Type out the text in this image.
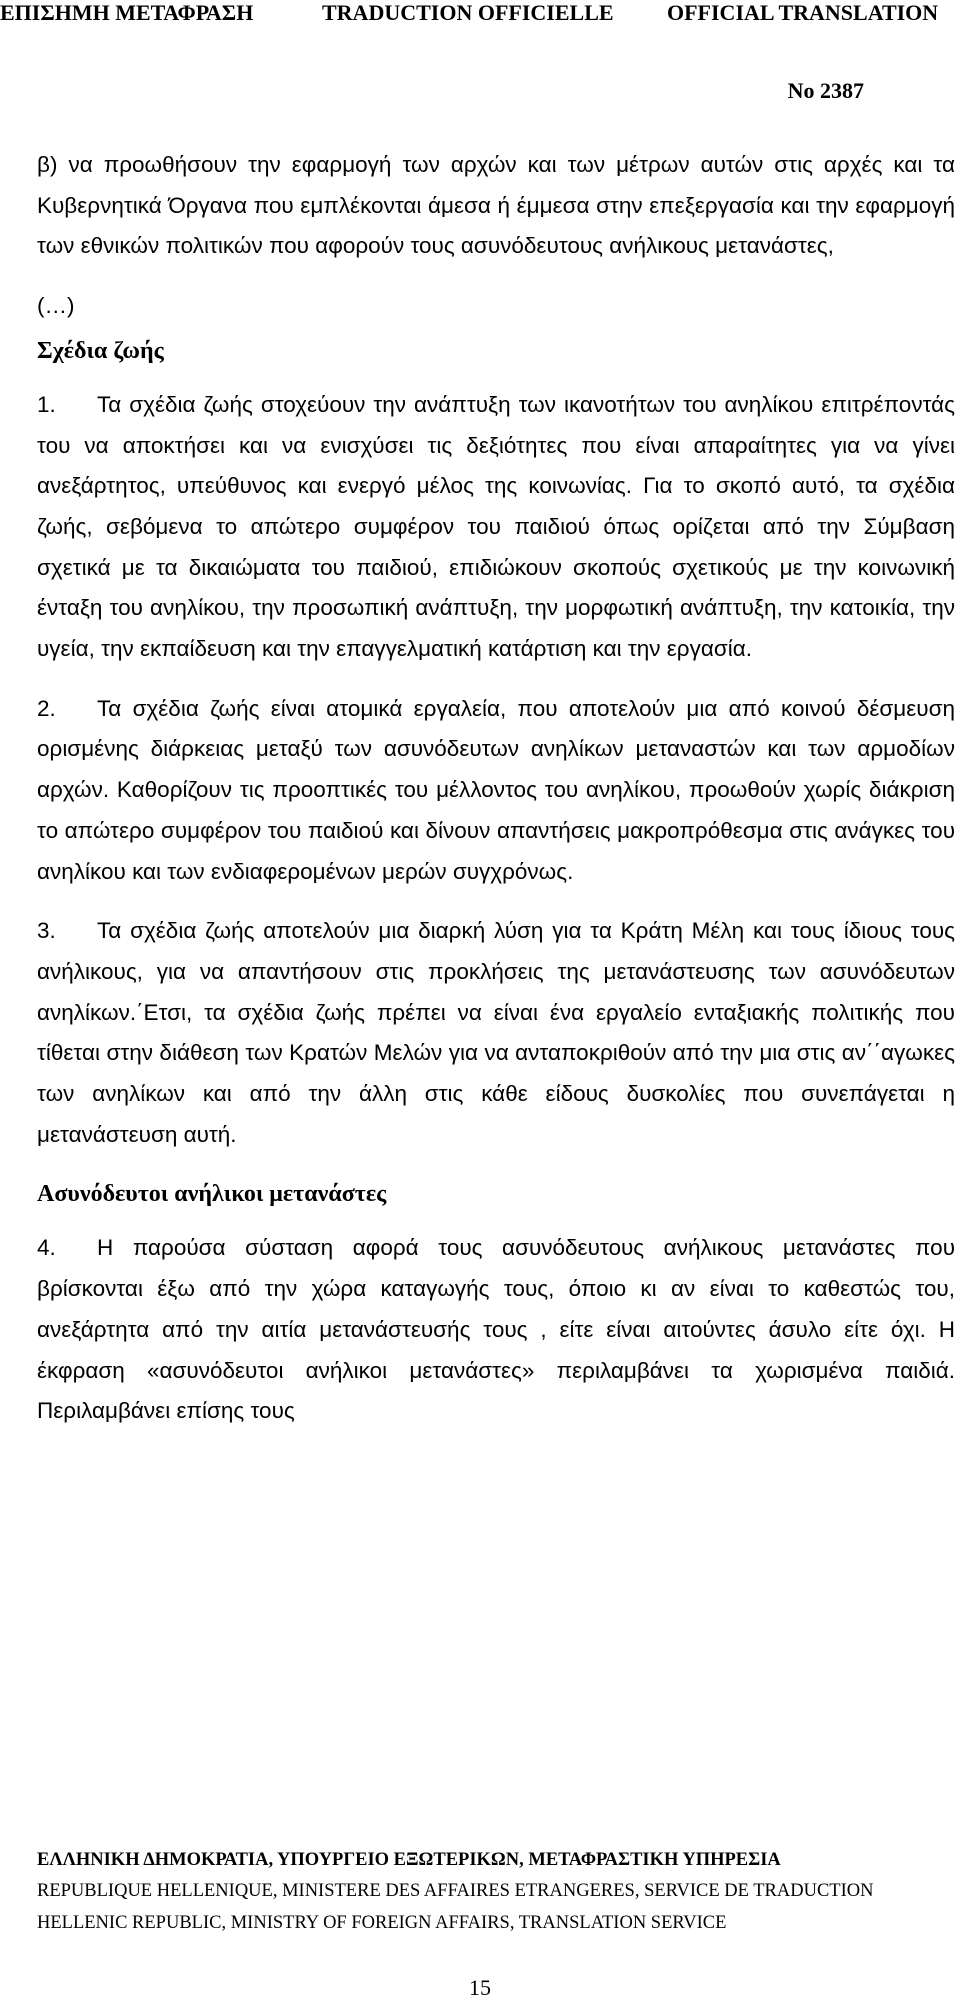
ΕΠΙΣΗΜΗ ΜΕΤΑΦΡΑΣΗ	TRADUCTION OFFICIELLE OFFICIAL TRANSLATION
No 2387

β) να προωθήσουν την εφαρμογή των αρχών και των μέτρων αυτών στις αρχές και τα Κυβερνητικά Όργανα που εμπλέκονται άμεσα ή έμμεσα στην επεξεργασία και την εφαρμογή των εθνικών πολιτικών που αφορούν τους ασυνόδευτους ανήλικους μετανάστες,

(…)

Σχέδια ζωής

1. Τα σχέδια ζωής στοχεύουν την ανάπτυξη των ικανοτήτων του ανηλίκου επιτρέποντάς του να αποκτήσει και να ενισχύσει τις δεξιότητες που είναι απαραίτητες για να γίνει ανεξάρτητος, υπεύθυνος και ενεργό μέλος της κοινωνίας. Για το σκοπό αυτό, τα σχέδια ζωής, σεβόμενα το απώτερο συμφέρον του παιδιού όπως ορίζεται από την Σύμβαση σχετικά με τα δικαιώματα του παιδιού, επιδιώκουν σκοπούς σχετικούς με την κοινωνική ένταξη του ανηλίκου, την προσωπική ανάπτυξη, την μορφωτική ανάπτυξη, την κατοικία, την υγεία, την εκπαίδευση και την επαγγελματική κατάρτιση και την εργασία.

2. Τα σχέδια ζωής είναι ατομικά εργαλεία, που αποτελούν μια από κοινού δέσμευση ορισμένης διάρκειας μεταξύ των ασυνόδευτων ανηλίκων μεταναστών και των αρμοδίων αρχών. Καθορίζουν τις προοπτικές του μέλλοντος του ανηλίκου, προωθούν χωρίς διάκριση το απώτερο συμφέρον του παιδιού και δίνουν απαντήσεις μακροπρόθεσμα στις ανάγκες του ανηλίκου και των ενδιαφερομένων μερών συγχρόνως.

3. Τα σχέδια ζωής αποτελούν μια διαρκή λύση για τα Κράτη Μέλη και τους ίδιους τους ανήλικους, για να απαντήσουν στις προκλήσεις της μετανάστευσης των ασυνόδευτων ανηλίκων.΄Ετσι, τα σχέδια ζωής πρέπει να είναι ένα εργαλείο ενταξιακής πολιτικής που τίθεται στην διάθεση των Κρατών Μελών για να ανταποκριθούν από την μια στις αν΄΄αγωκες των ανηλίκων και από την άλλη στις κάθε είδους δυσκολίες που συνεπάγεται η μετανάστευση αυτή.

Ασυνόδευτοι ανήλικοι μετανάστες

4. Η παρούσα σύσταση αφορά τους ασυνόδευτους ανήλικους μετανάστες που βρίσκονται έξω από την χώρα καταγωγής τους, όποιο κι αν είναι το καθεστώς του, ανεξάρτητα από την αιτία μετανάστευσής τους , είτε είναι αιτούντες άσυλο είτε όχι. Η έκφραση «ασυνόδευτοι ανήλικοι μετανάστες» περιλαμβάνει τα χωρισμένα παιδιά. Περιλαμβάνει επίσης τους

ΕΛΛΗΝΙΚΗ ΔΗΜΟΚΡΑΤΙΑ, ΥΠΟΥΡΓΕΙΟ ΕΞΩΤΕΡΙΚΩΝ, ΜΕΤΑΦΡΑΣΤΙΚΗ ΥΠΗΡΕΣΙΑ
REPUBLIQUE HELLENIQUE, MINISTERE DES AFFAIRES ETRANGERES, SERVICE DE TRADUCTION
HELLENIC REPUBLIC, MINISTRY OF FOREIGN AFFAIRS, TRANSLATION SERVICE
15
